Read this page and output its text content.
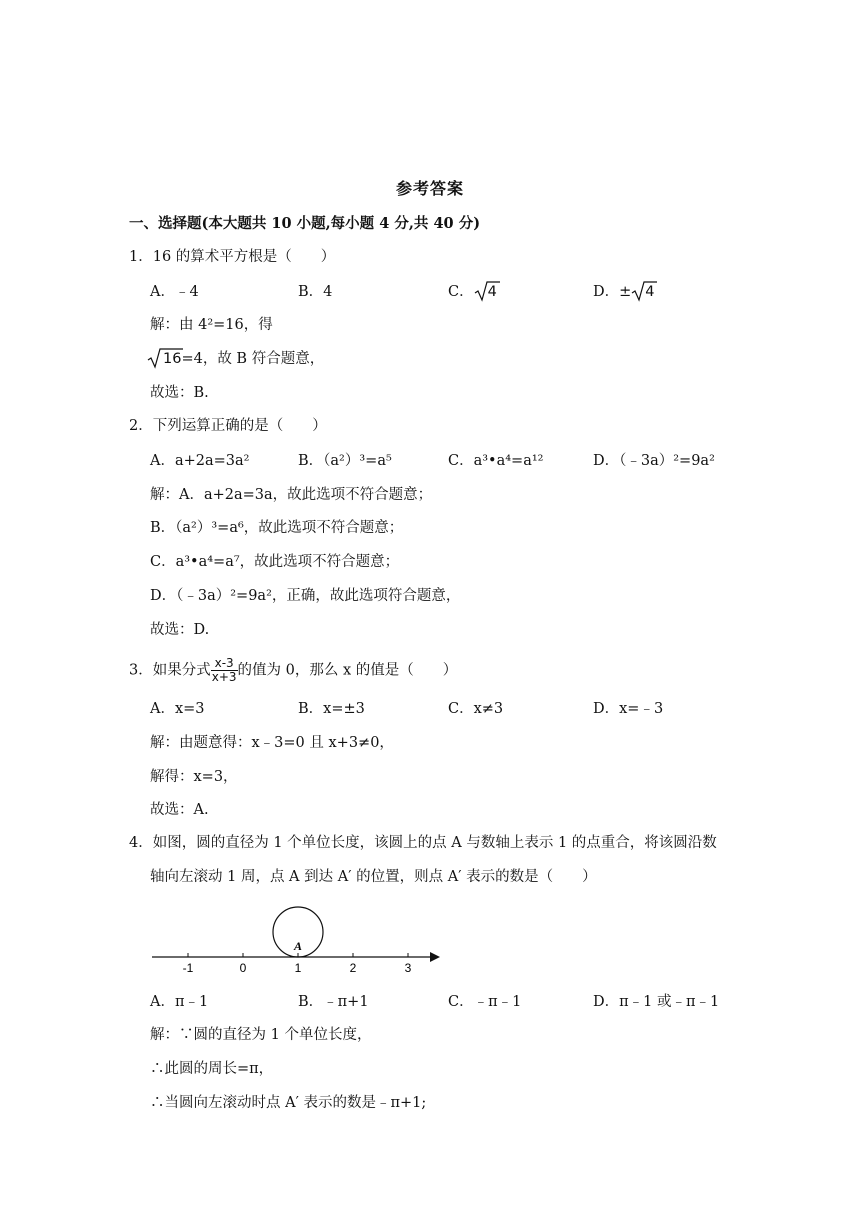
参考答案
一、选择题(本大题共 10 小题,每小题 4 分,共 40 分)
1．16 的算术平方根是（　　）
A．﹣4	B．4	C． 4	D．± 4
解：由 4²=16，得
16=4，故 B 符合题意，
故选：B.
2．下列运算正确的是（　　）
A．a+2a=3a²	B．（a²）³=a⁵	C．a³•a⁴=a¹²	D．（﹣3a）²=9a²
解：A．a+2a=3a，故此选项不符合题意；
B．（a²）³=a⁶，故此选项不符合题意；
C．a³•a⁴=a⁷，故此选项不符合题意；
D．（﹣3a）²=9a²，正确，故此选项符合题意，
故选：D.
3．如果分式 $\frac{x-3}{x+3}$ 的值为 0，那么 x 的值是（　　）
A．x=3	B．x=±3	C．x≠3	D．x=﹣3
解：由题意得：x﹣3=0 且 x+3≠0，
解得：x=3，
故选：A.
4．如图，圆的直径为 1 个单位长度，该圆上的点 A 与数轴上表示 1 的点重合，将该圆沿数
轴向左滚动 1 周，点 A 到达 A′ 的位置，则点 A′ 表示的数是（　　）
-1	0	1	2	3
A
A．π﹣1	B．﹣π+1	C．﹣π﹣1	D．π﹣1 或﹣π﹣1
解：∵圆的直径为 1 个单位长度，
∴此圆的周长=π，
∴当圆向左滚动时点 A′ 表示的数是﹣π+1;
